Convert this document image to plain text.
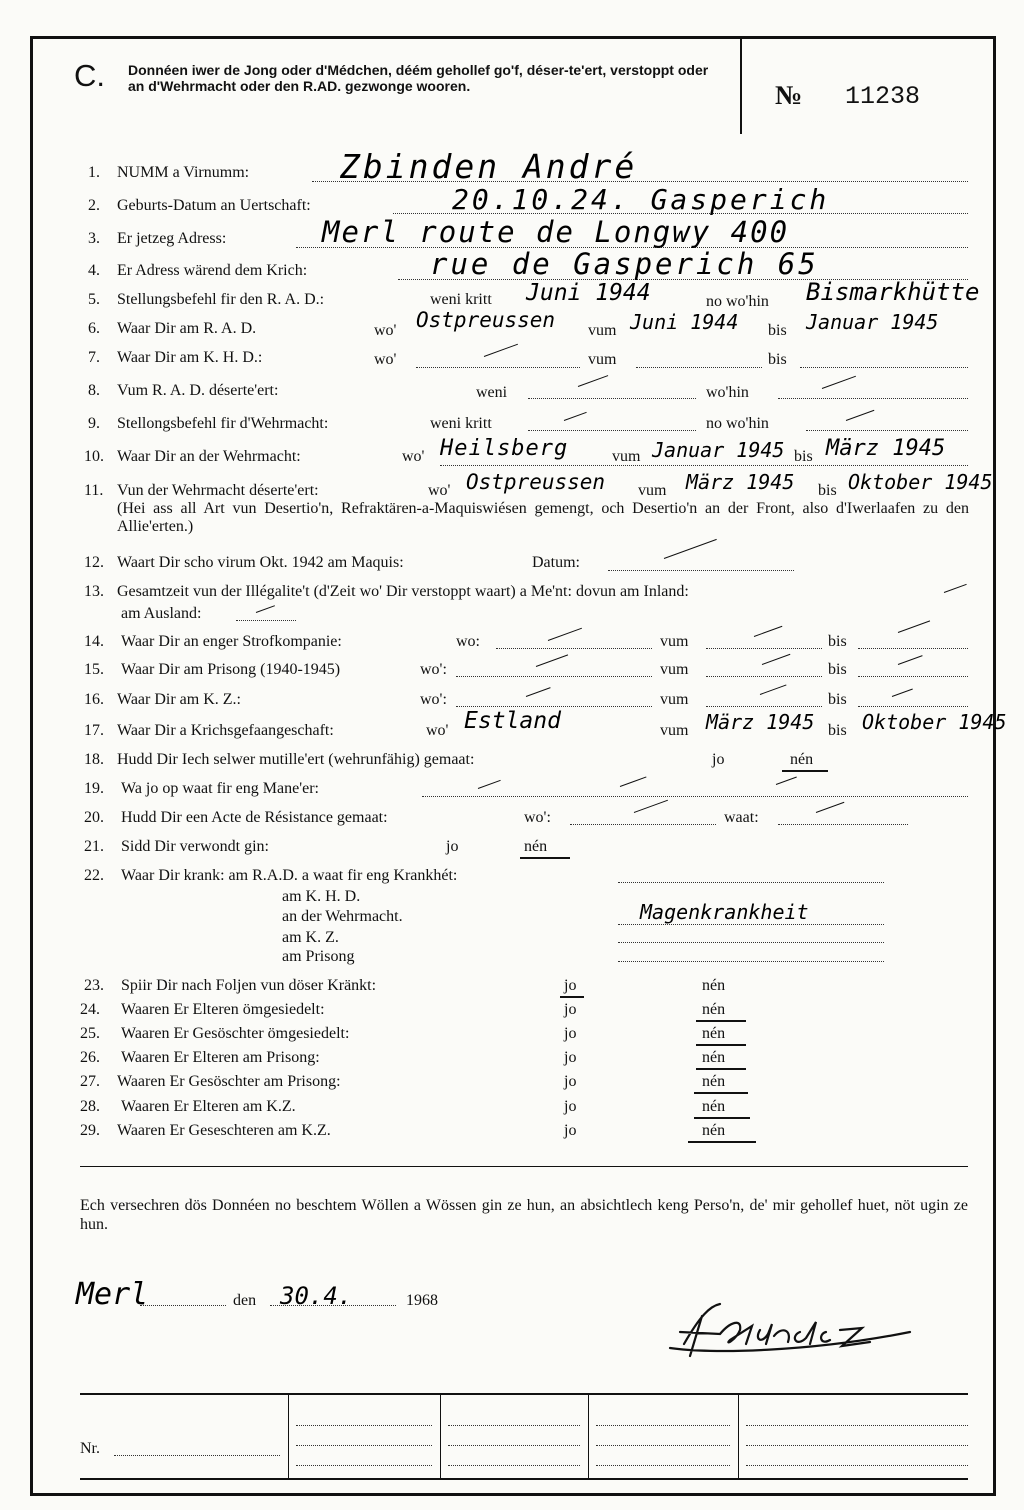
C. Donnéen iwer de Jong oder d'Médchen, déém gehollef go'f, déser-te'ert, verstoppt oder an d'Wehrmacht oder den R.AD. gezwonge wooren.	№ 11238
1. NUMM a Virnumm:	Zbinden André
2. Geburts-Datum an Uertschaft:	20.10.24. Gasperich
3. Er jetzeg Adress:	Merl route de Longwy 400
4. Er Adress wärend dem Krich:	rue de Gasperich 65
5. Stellungsbefehl fir den R. A. D.:	weni kritt Juni 1944	no wo'hin Bismarkhütte
6. Waar Dir am R. A. D.	wo' Ostpreussen vum Juni 1944 bis Januar 1945
7. Waar Dir am K. H. D.:	wo'	vum	bis
8. Vum R. A. D. déserte'ert:	weni	wo'hin
9. Stellongsbefehl fir d'Wehrmacht:	weni kritt	no wo'hin
10. Waar Dir an der Wehrmacht:	wo' Heilsberg	vum Januar 1945 bis März 1945
11. Vun der Wehrmacht déserte'ert:	wo' Ostpreussen vum März 1945 bis Oktober 1945
(Hei ass all Art vun Desertio'n, Refraktären-a-Maquiswiésen gemengt, och Desertio'n an der Front, also d'Iwerlaafen zu den Allie'erten.)
12. Waart Dir scho virum Okt. 1942 am Maquis:	Datum:
13. Gesamtzeit vun der Illégalite't (d'Zeit wo' Dir verstoppt waart) a Me'nt: dovun am Inland:
am Ausland:
14. Waar Dir an enger Strofkompanie:	wo:	vum	bis
15. Waar Dir am Prisong (1940-1945)	wo':	vum	bis
16. Waar Dir am K. Z.:	wo':	vum	bis
17. Waar Dir a Krichsgefaangeschaft:	wo' Estland	vum März 1945 bis Oktober 1945
18. Hudd Dir Iech selwer mutille'ert (wehrunfähig) gemaat:	jo	nén
19. Wa jo op waat fir eng Mane'er:
20. Hudd Dir een Acte de Résistance gemaat:	wo':	waat:
21. Sidd Dir verwondt gin:	jo	nén
22. Waar Dir krank: am R.A.D. a waat fir eng Krankhét:
am K. H. D.
an der Wehrmacht.	Magenkrankheit
am K. Z.
am Prisong
23. Spiir Dir nach Foljen vun döser Kränkt:	jo	nén
24. Waaren Er Elteren ömgesiedelt:	jo	nén
25. Waaren Er Gesöschter ömgesiedelt:	jo	nén
26. Waaren Er Elteren am Prisong:	jo	nén
27. Waaren Er Gesöschter am Prisong:	jo	nén
28. Waaren Er Elteren am K.Z.	jo	nén
29. Waaren Er Geseschteren am K.Z.	jo	nén
Ech versechren dös Donnéen no beschtem Wöllen a Wössen gin ze hun, an absichtlech keng Perso'n, de' mir gehollef huet, nöt ugin ze hun.
Merl	den 30.4.	1968
Nr.
